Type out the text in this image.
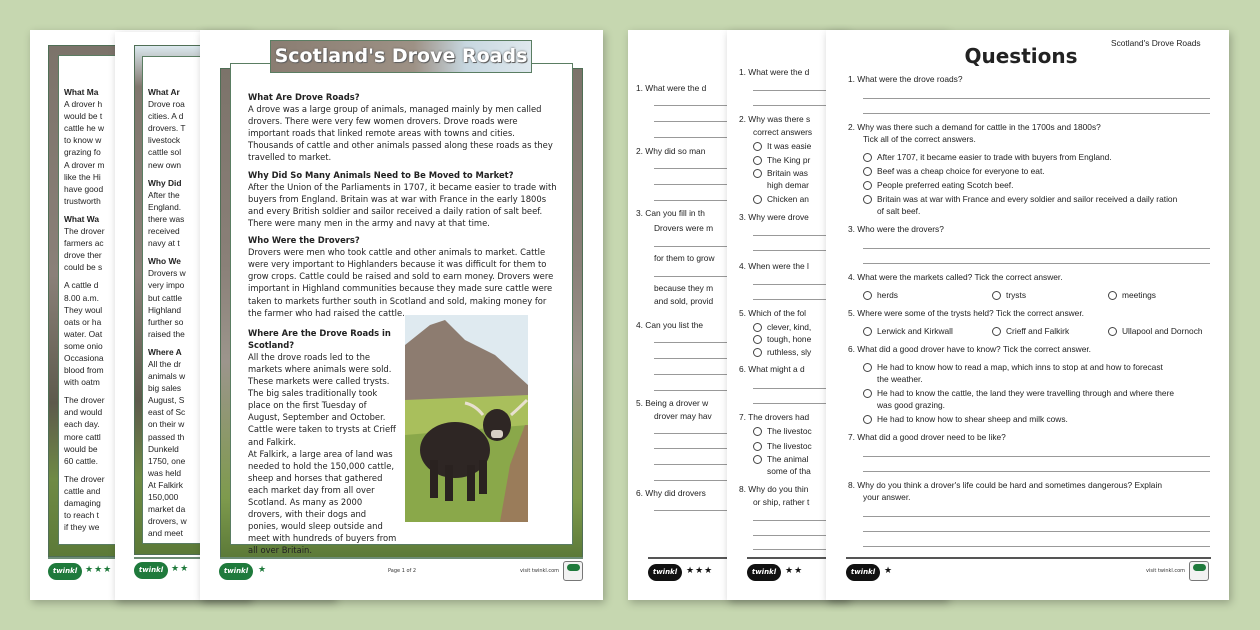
What Ma
A drover h
would be t
cattle he w
to know w
grazing fo
A drover m
like the Hi
have good
trustworth
What Wa
The drover
farmers ac
drove ther
could be s
A cattle d
8.00 a.m.
They woul
oats or ha
water. Oat
some onio
Occasiona
blood from
with oatm
The drover
and would
each day.
more cattl
would be
60 cattle.
The drover
cattle and
damaging
to reach t
if they we
twinkl ★★★
What Ar
Drove roa
cities. A d
drovers. T
livestock
cattle sol
new own
Why Did
After the
England.
there was
received
navy at t
Who We
Drovers w
very impo
but cattle
Highland
further so
raised the
Where A
All the dr
animals w
big sales
August, S
east of Sc
on their w
passed th
Dunkeld
1750, one
was held
At Falkirk
150,000
market da
drovers, w
and meet
twinkl ★★
Scotland's Drove Roads
What Are Drove Roads?

A drove was a large group of animals, managed mainly by men called drovers. There were very few women drovers. Drove roads were important roads that linked remote areas with towns and cities. Thousands of cattle and other animals passed along these roads as they travelled to market.

Why Did So Many Animals Need to Be Moved to Market?

After the Union of the Parliaments in 1707, it became easier to trade with buyers from England. Britain was at war with France in the early 1800s and every British soldier and sailor received a daily ration of salt beef. There were many men in the army and navy at that time.

Who Were the Drovers?

Drovers were men who took cattle and other animals to market. Cattle were very important to Highlanders because it was difficult for them to grow crops. Cattle could be raised and sold to earn money. Drovers were important in Highland communities because they made sure cattle were taken to markets further south in Scotland and sold, making money for the farmer who had raised the cattle.

Where Are the Drove Roads in Scotland?

All the drove roads led to the markets where animals were sold. These markets were called trysts. The big sales traditionally took place on the first Tuesday of August, September and October. Cattle were taken to trysts at Crieff and Falkirk.

At Falkirk, a large area of land was needed to hold the 150,000 cattle, sheep and horses that gathered each market day from all over Scotland. As many as 2000 drovers, with their dogs and ponies, would sleep outside and meet with hundreds of buyers from all over Britain.

twinkl	★	Page 1 of 2	visit twinkl.com
1. What were the d
2. Why did so man
3. Can you fill in th
Drovers were m
for them to grow
because they m
and sold, provid
4. Can you list the
5. Being a drover w
drover may hav
6. Why did drovers
twinkl ★★★
1. What were the d
2. Why was there s
correct answers
It was easie
The King pr
Britain was
high demar
Chicken an
3. Why were drove
4. When were the l
5. Which of the fol
clever, kind,
tough, hone
ruthless, sly
6. What might a d
7. The drovers had
The livestoc
The livestoc
The animal
some of tha
8. Why do you thin
or ship, rather t
twinkl ★★
Scotland's Drove Roads
Questions
1. What were the drove roads?
2. Why was there such a demand for cattle in the 1700s and 1800s?
Tick all of the correct answers.
After 1707, it became easier to trade with buyers from England.
Beef was a cheap choice for everyone to eat.
People preferred eating Scotch beef.
Britain was at war with France and every soldier and sailor received a daily ration
of salt beef.
3. Who were the drovers?
4. What were the markets called? Tick the correct answer.
herds	trysts	meetings
5. Where were some of the trysts held? Tick the correct answer.
Lerwick and Kirkwall	Crieff and Falkirk	Ullapool and Dornoch
6. What did a good drover have to know? Tick the correct answer.
He had to know how to read a map, which inns to stop at and how to forecast
the weather.
He had to know the cattle, the land they were travelling through and where there
was good grazing.
He had to know how to shear sheep and milk cows.
7. What did a good drover need to be like?
8. Why do you think a drover's life could be hard and sometimes dangerous? Explain
your answer.
twinkl ★	visit twinkl.com
